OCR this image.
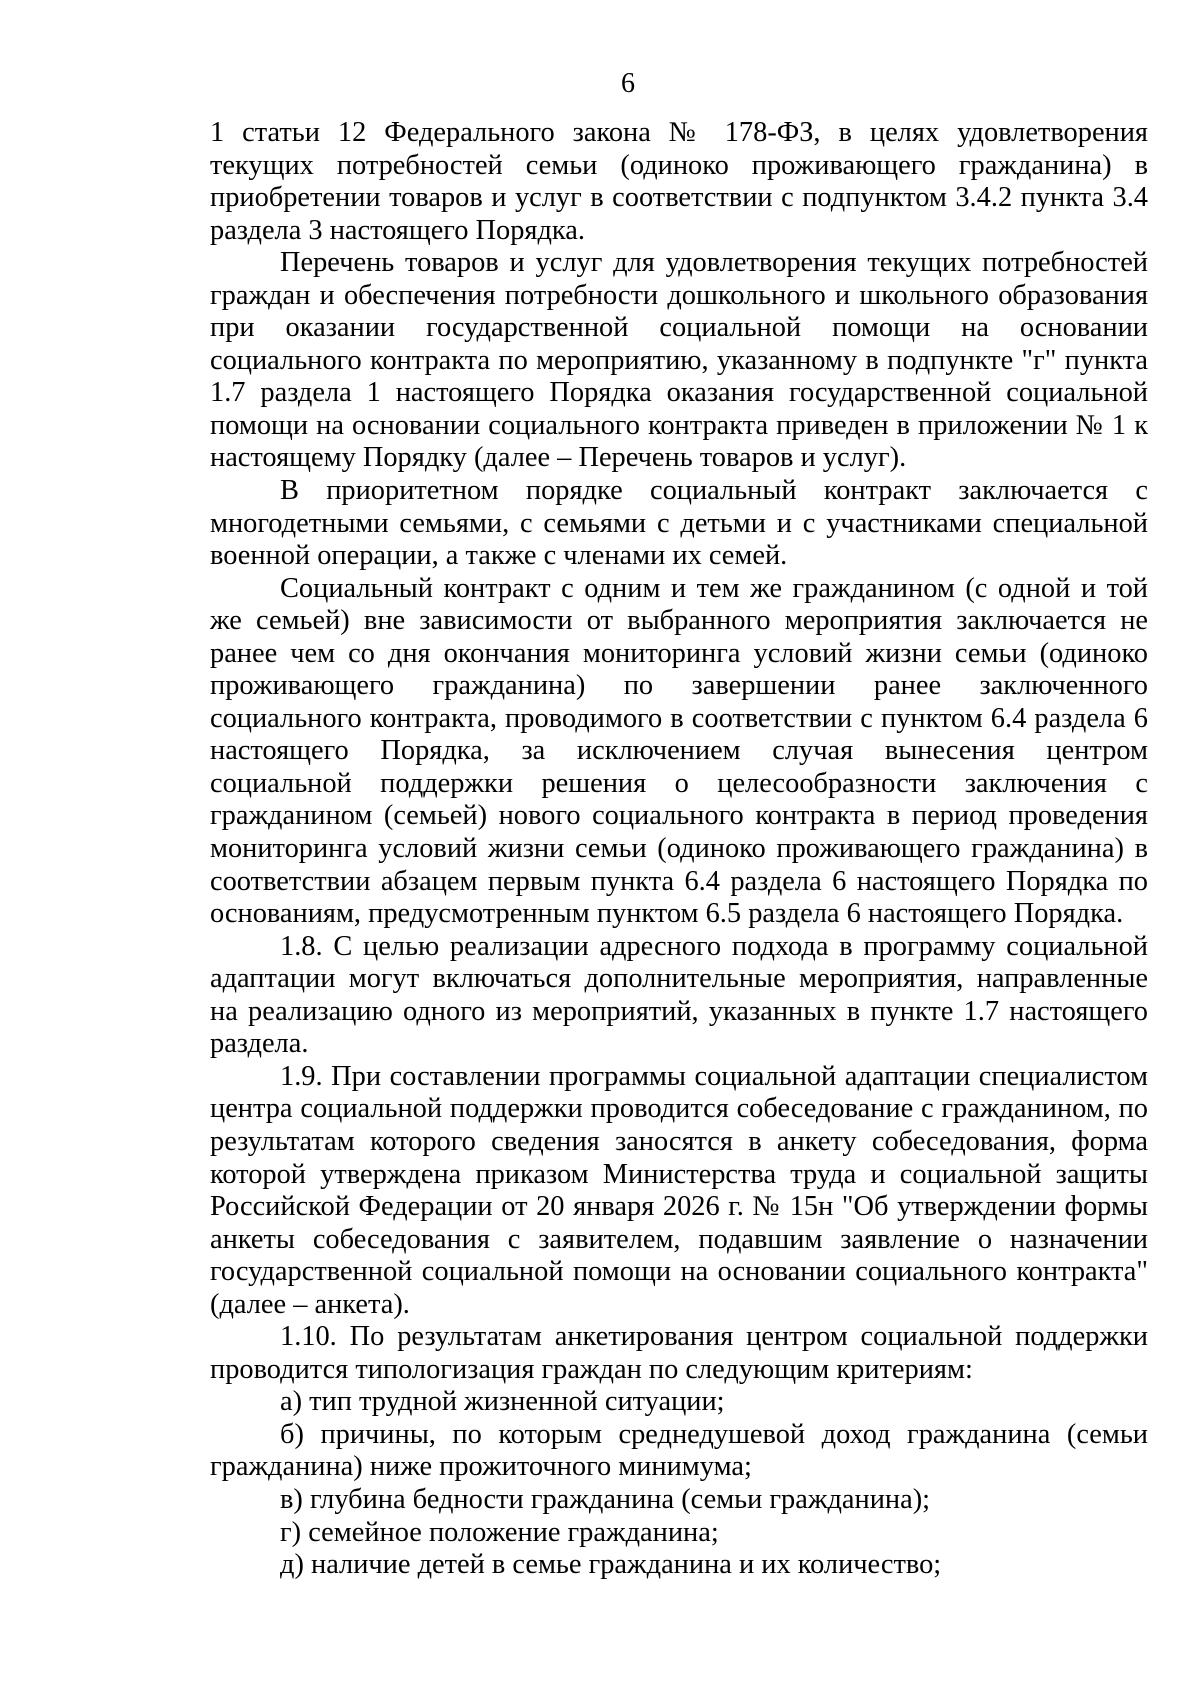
6

1 статьи 12 Федерального закона № 178-ФЗ, в целях удовлетворения текущих потребностей семьи (одиноко проживающего гражданина) в приобретении товаров и услуг в соответствии с подпунктом 3.4.2 пункта 3.4 раздела 3 настоящего Порядка.

Перечень товаров и услуг для удовлетворения текущих потребностей граждан и обеспечения потребности дошкольного и школьного образования при оказании государственной социальной помощи на основании социального контракта по мероприятию, указанному в подпункте "г" пункта 1.7 раздела 1 настоящего Порядка оказания государственной социальной помощи на основании социального контракта приведен в приложении № 1 к настоящему Порядку (далее – Перечень товаров и услуг).

В приоритетном порядке социальный контракт заключается с многодетными семьями, с семьями с детьми и с участниками специальной военной операции, а также с членами их семей.

Социальный контракт с одним и тем же гражданином (с одной и той же семьей) вне зависимости от выбранного мероприятия заключается не ранее чем со дня окончания мониторинга условий жизни семьи (одиноко проживающего гражданина) по завершении ранее заключенного социального контракта, проводимого в соответствии с пунктом 6.4 раздела 6 настоящего Порядка, за исключением случая вынесения центром социальной поддержки решения о целесообразности заключения с гражданином (семьей) нового социального контракта в период проведения мониторинга условий жизни семьи (одиноко проживающего гражданина) в соответствии абзацем первым пункта 6.4 раздела 6 настоящего Порядка по основаниям, предусмотренным пунктом 6.5 раздела 6 настоящего Порядка.

1.8. С целью реализации адресного подхода в программу социальной адаптации могут включаться дополнительные мероприятия, направленные на реализацию одного из мероприятий, указанных в пункте 1.7 настоящего раздела.

1.9. При составлении программы социальной адаптации специалистом центра социальной поддержки проводится собеседование с гражданином, по результатам которого сведения заносятся в анкету собеседования, форма которой утверждена приказом Министерства труда и социальной защиты Российской Федерации от 20 января 2026 г. № 15н "Об утверждении формы анкеты собеседования с заявителем, подавшим заявление о назначении государственной социальной помощи на основании социального контракта" (далее – анкета).

1.10. По результатам анкетирования центром социальной поддержки проводится типологизация граждан по следующим критериям:

а) тип трудной жизненной ситуации;

б) причины, по которым среднедушевой доход гражданина (семьи гражданина) ниже прожиточного минимума;

в) глубина бедности гражданина (семьи гражданина);

г) семейное положение гражданина;

д) наличие детей в семье гражданина и их количество;
